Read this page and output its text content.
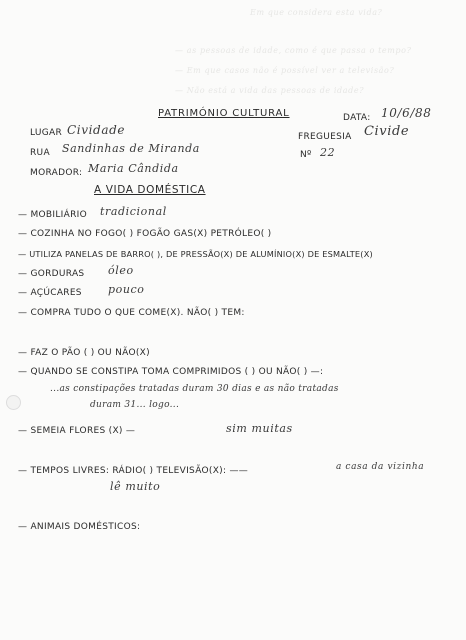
Em que considera esta vida?
— as pessoas de idade, como é que passa o tempo?
— Em que casos não é possível ver a televisão?
— Não está a vida das pessoas de idade?
PATRIMÓNIO CULTURAL	DATA: 10/6/88
LUGAR Cividade	FREGUESIA Civide
RUA Sandinhas de Miranda	Nº 22
MORADOR: Maria Cândida
A VIDA DOMÉSTICA
— MOBILIÁRIO tradicional
— COZINHA NO FOGO( ) FOGÃO GAS(X) PETRÓLEO( )
— UTILIZA PANELAS DE BARRO( ), DE PRESSÃO(X) DE ALUMÍNIO(X) DE ESMALTE(X)
— GORDURAS óleo
— AÇÚCARES pouco
— COMPRA TUDO O QUE COME(X). NÃO( ) TEM:
— FAZ O PÃO ( ) OU NÃO(X)
— QUANDO SE CONSTIPA TOMA COMPRIMIDOS ( ) OU NÃO( ) —:
...as constipações tratadas duram 30 dias e as não tratadas
duram 31... logo...
— SEMEIA FLORES (X) —	sim muitas
— TEMPOS LIVRES: RÁDIO( ) TELEVISÃO(X): ——	a casa da vizinha
lê muito
— ANIMAIS DOMÉSTICOS:
